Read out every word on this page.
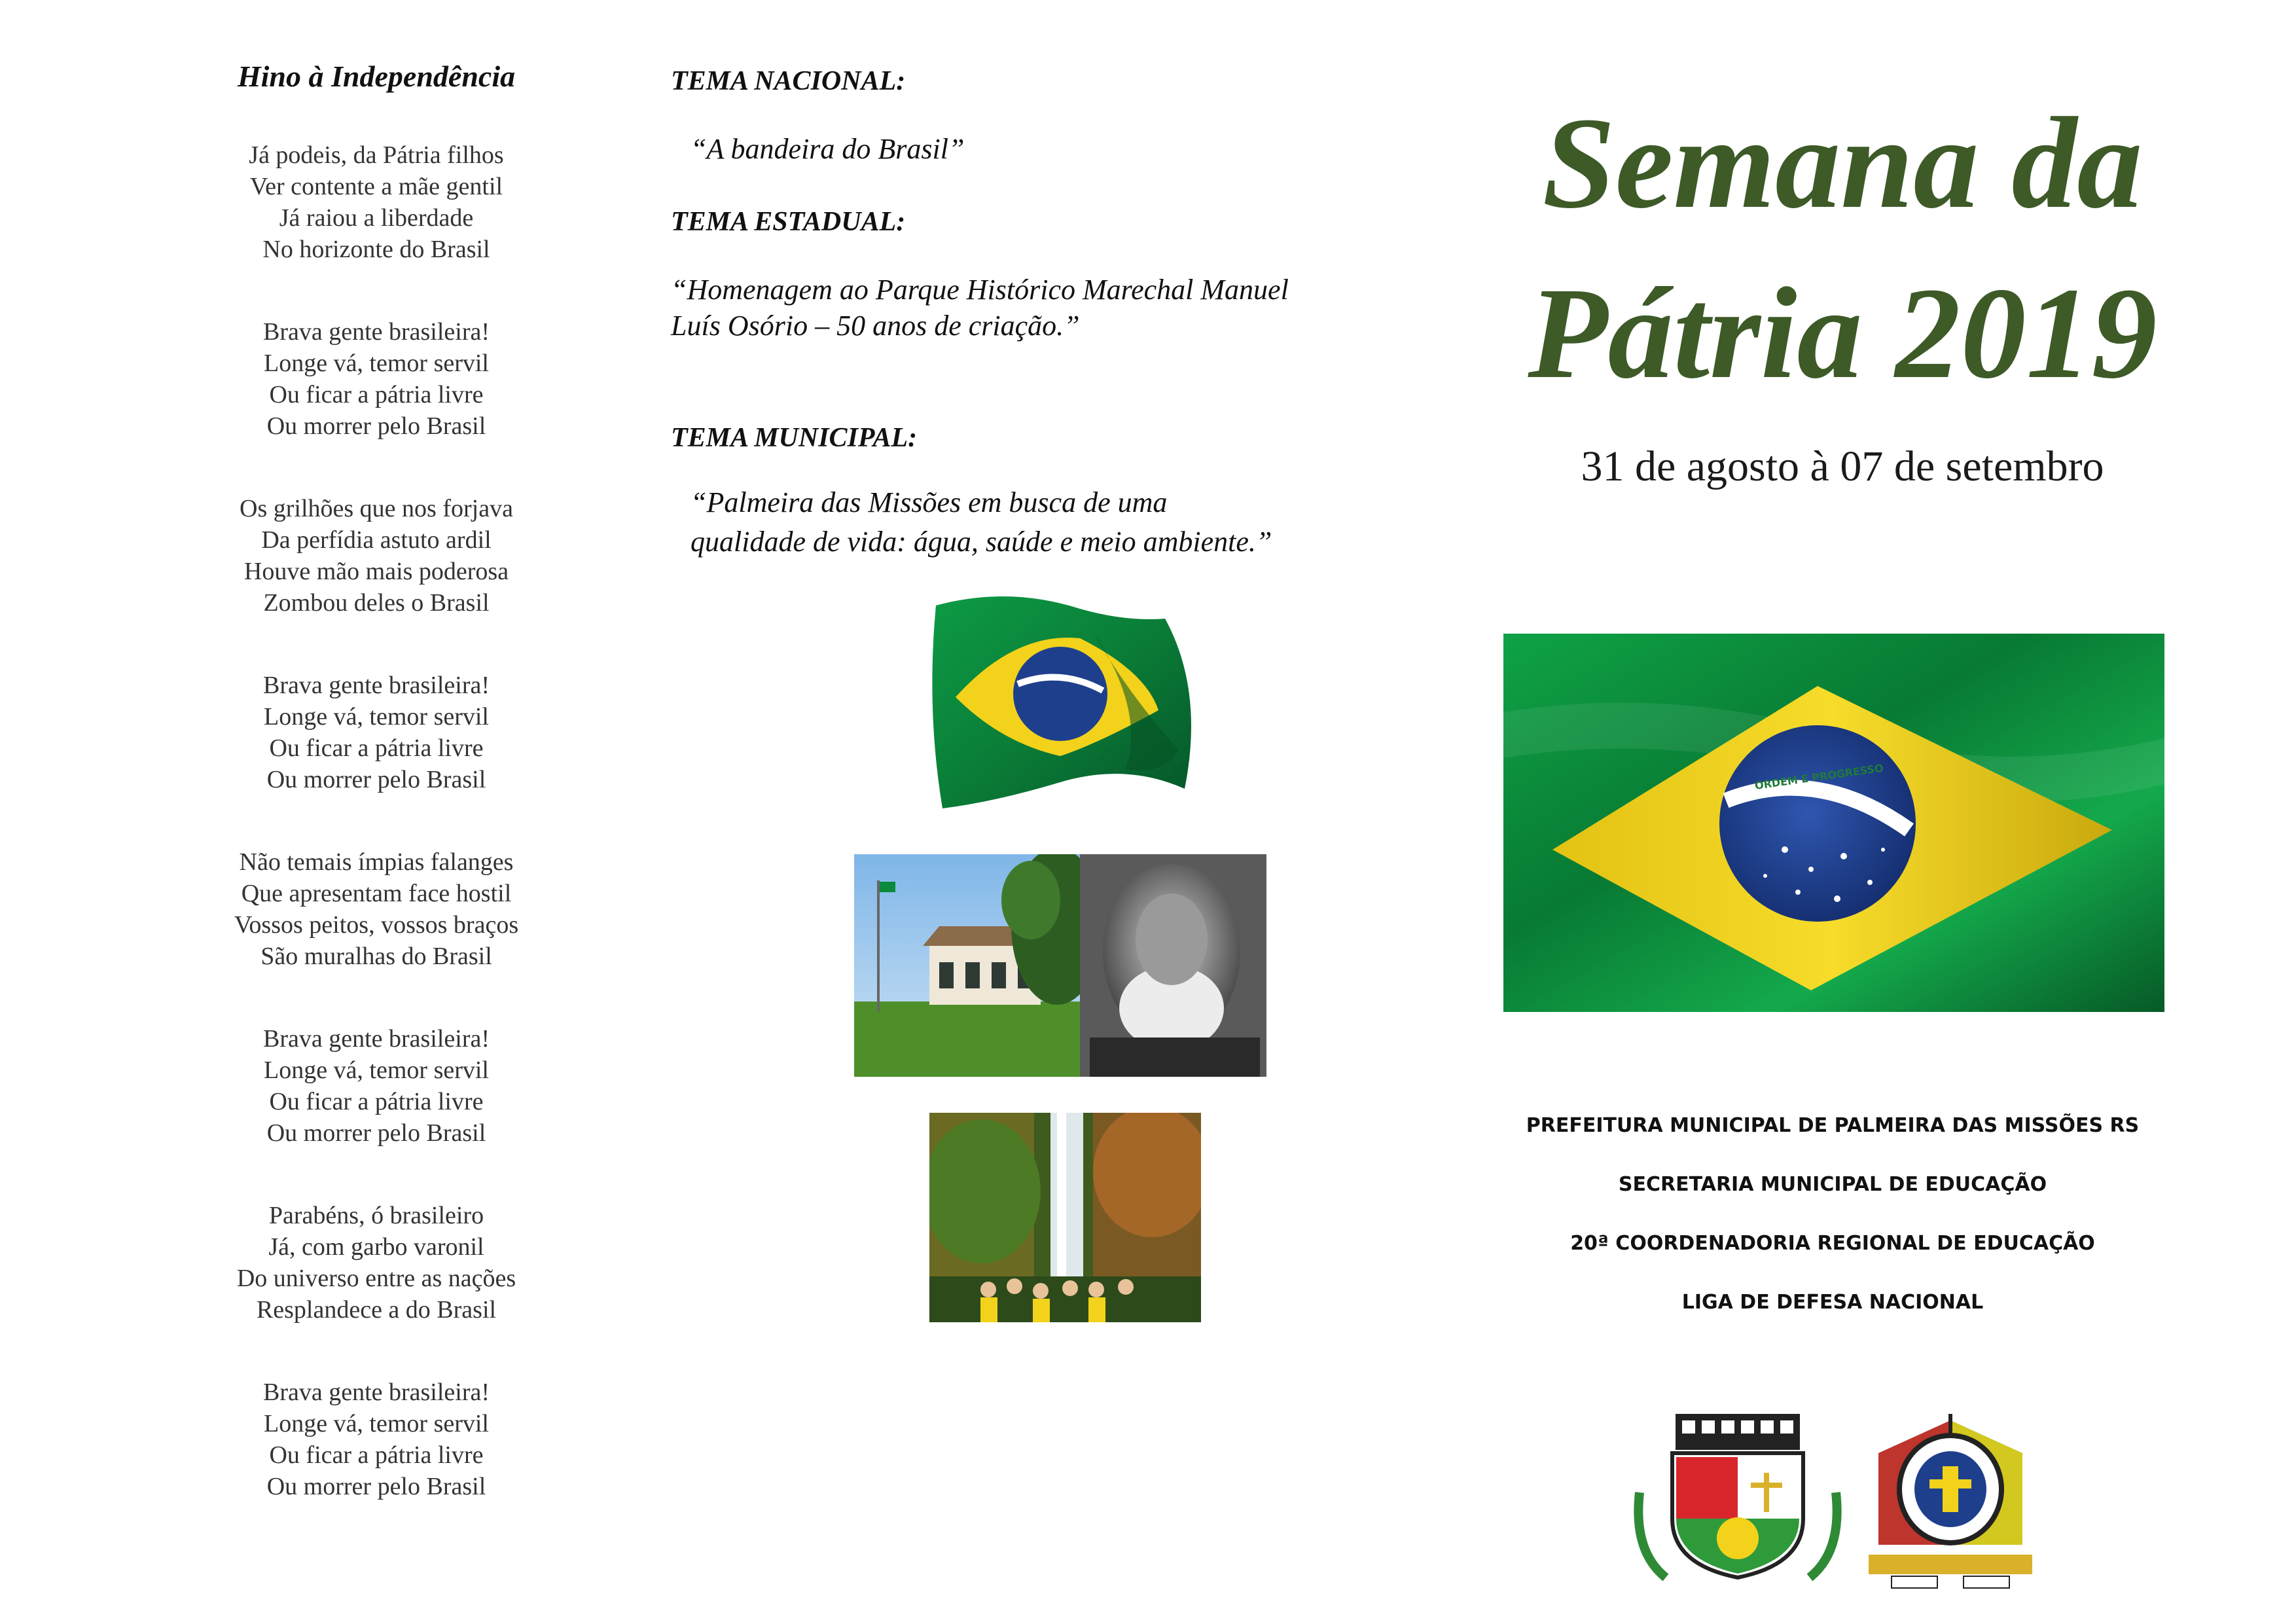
Hino à Independência
Já podeis, da Pátria filhos
Ver contente a mãe gentil
Já raiou a liberdade
No horizonte do Brasil
Brava gente brasileira!
Longe vá, temor servil
Ou ficar a pátria livre
Ou morrer pelo Brasil
Os grilhões que nos forjava
Da perfídia astuto ardil
Houve mão mais poderosa
Zombou deles o Brasil
Brava gente brasileira!
Longe vá, temor servil
Ou ficar a pátria livre
Ou morrer pelo Brasil
Não temais ímpias falanges
Que apresentam face hostil
Vossos peitos, vossos braços
São muralhas do Brasil
Brava gente brasileira!
Longe vá, temor servil
Ou ficar a pátria livre
Ou morrer pelo Brasil
Parabéns, ó brasileiro
Já, com garbo varonil
Do universo entre as nações
Resplandece a do Brasil
Brava gente brasileira!
Longe vá, temor servil
Ou ficar a pátria livre
Ou morrer pelo Brasil
TEMA NACIONAL:
“A bandeira do Brasil”
TEMA ESTADUAL:
“Homenagem ao Parque Histórico Marechal Manuel
Luís Osório – 50 anos de criação.”
TEMA MUNICIPAL:
“Palmeira das Missões em busca de uma
qualidade de vida: água, saúde e meio ambiente.”
Semana da
Pátria 2019
31 de agosto à 07 de setembro
ORDEM E PROGRESSO
PREFEITURA MUNICIPAL DE PALMEIRA DAS MISSÕES RS
SECRETARIA MUNICIPAL DE EDUCAÇÃO
20ª COORDENADORIA REGIONAL DE EDUCAÇÃO
LIGA DE DEFESA NACIONAL
